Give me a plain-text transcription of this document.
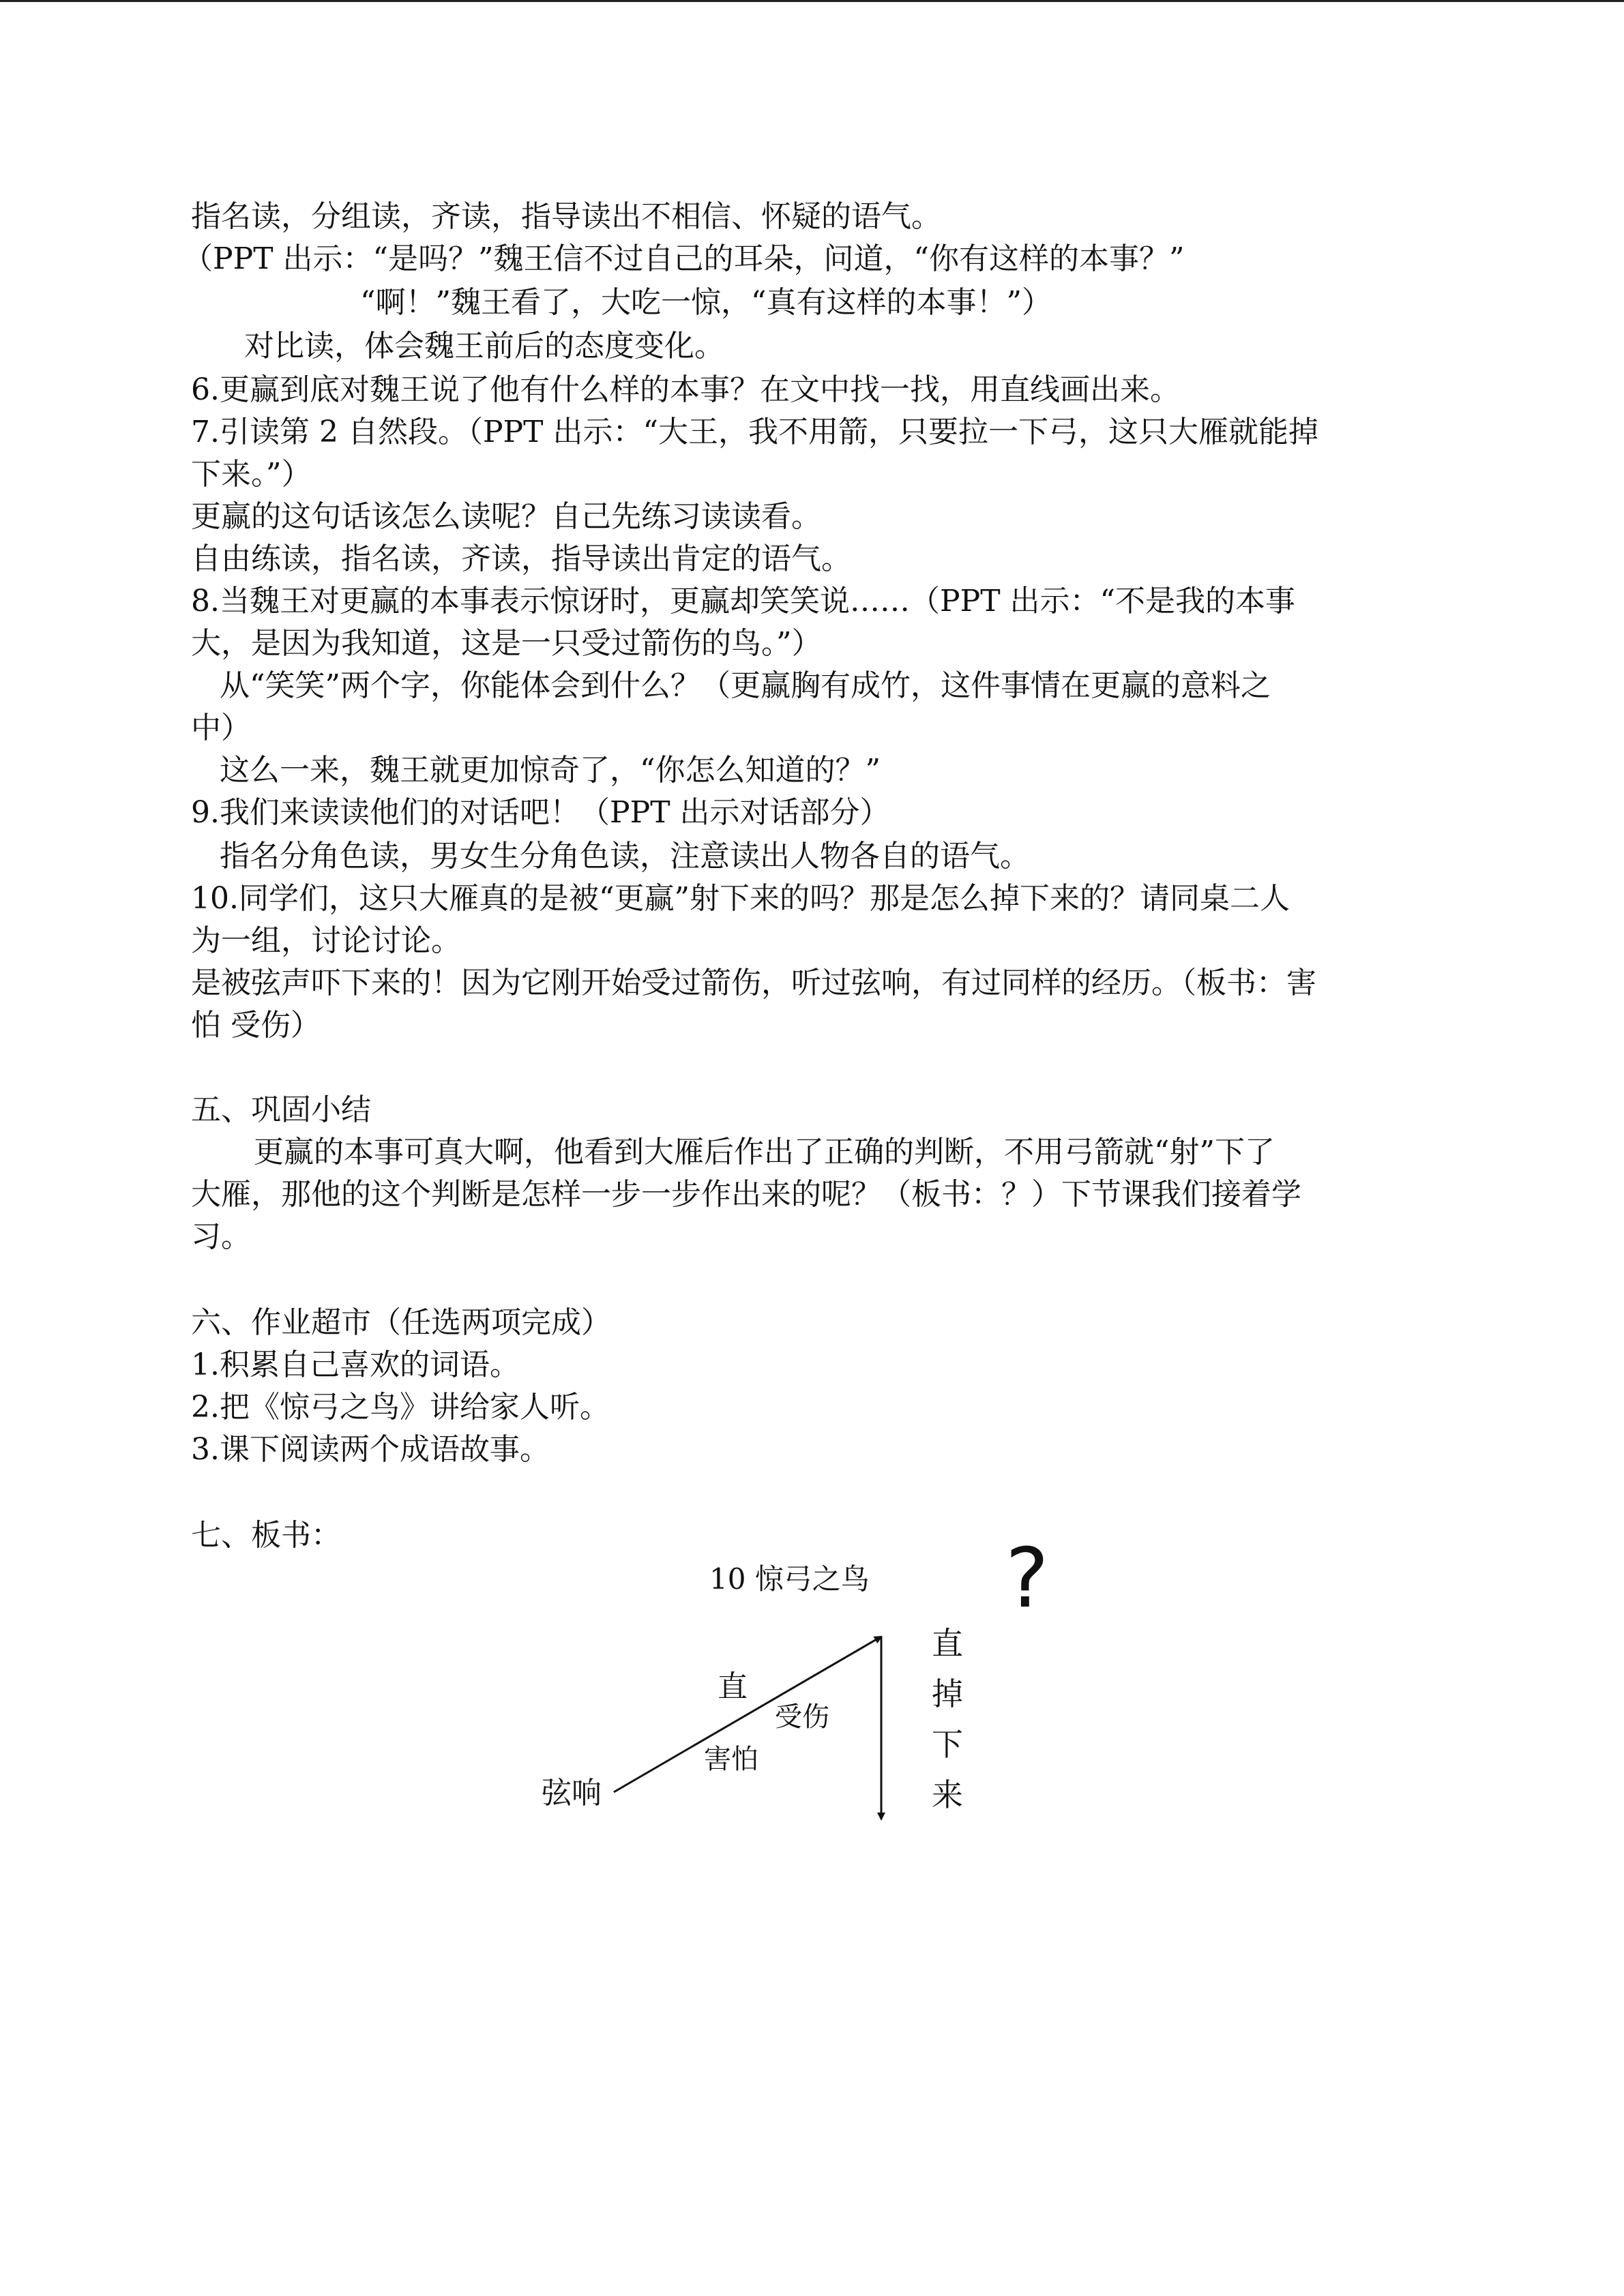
指名读，分组读，齐读，指导读出不相信、怀疑的语气。
（PPT 出示：“是吗？”魏王信不过自己的耳朵，问道，“你有这样的本事？”
“啊！”魏王看了，大吃一惊，“真有这样的本事！”）
对比读，体会魏王前后的态度变化。
6.更赢到底对魏王说了他有什么样的本事？在文中找一找，用直线画出来。
7.引读第 2 自然段。（PPT 出示：“大王，我不用箭，只要拉一下弓，这只大雁就能掉
下来。”）
更赢的这句话该怎么读呢？自己先练习读读看。
自由练读，指名读，齐读，指导读出肯定的语气。
8.当魏王对更赢的本事表示惊讶时，更赢却笑笑说……（PPT 出示：“不是我的本事
大，是因为我知道，这是一只受过箭伤的鸟。”）
从“笑笑”两个字，你能体会到什么？（更赢胸有成竹，这件事情在更赢的意料之
中）
这么一来，魏王就更加惊奇了，“你怎么知道的？”
9.我们来读读他们的对话吧！（PPT 出示对话部分）
指名分角色读，男女生分角色读，注意读出人物各自的语气。
10.同学们，这只大雁真的是被“更赢”射下来的吗？那是怎么掉下来的？请同桌二人
为一组，讨论讨论。
是被弦声吓下来的！因为它刚开始受过箭伤，听过弦响，有过同样的经历。（板书：害
怕 受伤）
五、巩固小结
更赢的本事可真大啊，他看到大雁后作出了正确的判断，不用弓箭就“射”下了
大雁，那他的这个判断是怎样一步一步作出来的呢？（板书：？）下节课我们接着学
习。
六、作业超市（任选两项完成）
1.积累自己喜欢的词语。
2.把《惊弓之鸟》讲给家人听。
3.课下阅读两个成语故事。
七、板书：
10 惊弓之鸟 ?
直
掉
下
来
直
受伤
害怕
弦响
